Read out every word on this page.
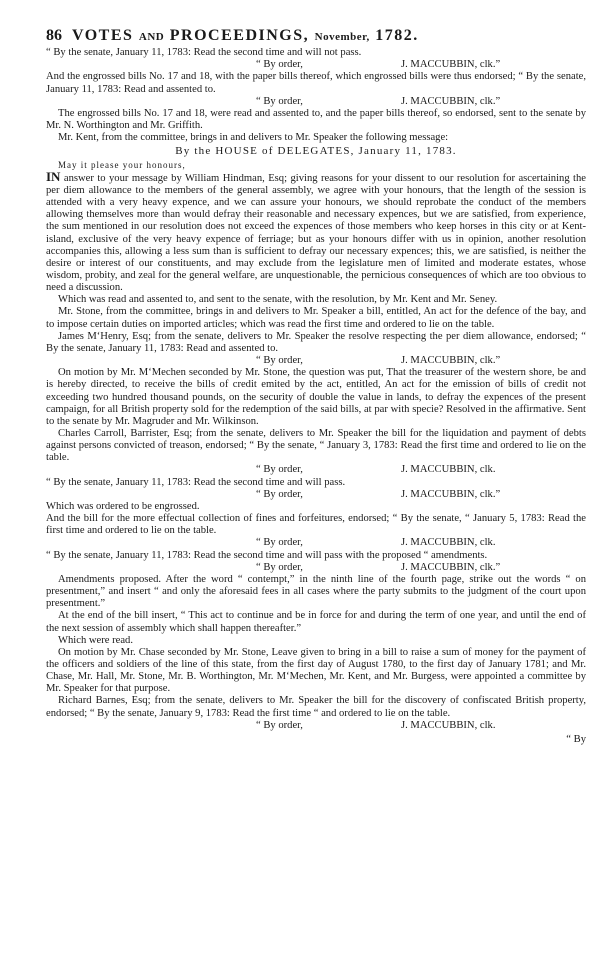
86 VOTES AND PROCEEDINGS, November, 1782.

“ By the senate, January 11, 1783: Read the second time and will not pass.

“ By order,	J. MACCUBBIN, clk.”

And the engrossed bills No. 17 and 18, with the paper bills thereof, which engrossed bills were thus endorsed; “ By the senate, January 11, 1783: Read and assented to.

“ By order,	J. MACCUBBIN, clk.”

The engrossed bills No. 17 and 18, were read and assented to, and the paper bills thereof, so endorsed, sent to the senate by Mr. N. Worthington and Mr. Griffith.

Mr. Kent, from the committee, brings in and delivers to Mr. Speaker the following message:

By the HOUSE of DELEGATES, January 11, 1783.
May it please your honours,

IN answer to your message by William Hindman, Esq; giving reasons for your dissent to our resolution for ascertaining the per diem allowance to the members of the general assembly, we agree with your honours, that the length of the session is attended with a very heavy expence, and we can assure your honours, we should reprobate the conduct of the members allowing themselves more than would defray their reasonable and necessary expences, but we are satisfied, from experience, the sum mentioned in our resolution does not exceed the expences of those members who keep horses in this city or at Kent-island, exclusive of the very heavy expence of ferriage; but as your honours differ with us in opinion, another resolution accompanies this, allowing a less sum than is sufficient to defray our necessary expences; this, we are satisfied, is neither the desire or interest of our constituents, and may exclude from the legislature men of limited and moderate estates, whose wisdom, probity, and zeal for the general welfare, are unquestionable, the pernicious consequences of which are too obvious to need a discussion.

Which was read and assented to, and sent to the senate, with the resolution, by Mr. Kent and Mr. Seney.

Mr. Stone, from the committee, brings in and delivers to Mr. Speaker a bill, entitled, An act for the defence of the bay, and to impose certain duties on imported articles; which was read the first time and ordered to lie on the table.

James M‘Henry, Esq; from the senate, delivers to Mr. Speaker the resolve respecting the per diem allowance, endorsed; “ By the senate, January 11, 1783: Read and assented to.

“ By order,	J. MACCUBBIN, clk.”

On motion by Mr. M‘Mechen seconded by Mr. Stone, the question was put, That the treasurer of the western shore, be and is hereby directed, to receive the bills of credit emited by the act, entitled, An act for the emission of bills of credit not exceeding two hundred thousand pounds, on the security of double the value in lands, to defray the expences of the present campaign, for all British property sold for the redemption of the said bills, at par with specie? Resolved in the affirmative. Sent to the senate by Mr. Magruder and Mr. Wilkinson.

Charles Carroll, Barrister, Esq; from the senate, delivers to Mr. Speaker the bill for the liquidation and payment of debts against persons convicted of treason, endorsed; “ By the senate, “ January 3, 1783: Read the first time and ordered to lie on the table.

“ By order,	J. MACCUBBIN, clk.

“ By the senate, January 11, 1783: Read the second time and will pass.

“ By order,	J. MACCUBBIN, clk.”

Which was ordered to be engrossed.

And the bill for the more effectual collection of fines and forfeitures, endorsed; “ By the senate, “ January 5, 1783: Read the first time and ordered to lie on the table.

“ By order,	J. MACCUBBIN, clk.

“ By the senate, January 11, 1783: Read the second time and will pass with the proposed “ amendments.

“ By order,	J. MACCUBBIN, clk.”

Amendments proposed. After the word “ contempt,” in the ninth line of the fourth page, strike out the words “ on presentment,” and insert “ and only the aforesaid fees in all cases where the party submits to the judgment of the court upon presentment.”

At the end of the bill insert, “ This act to continue and be in force for and during the term of one year, and until the end of the next session of assembly which shall happen thereafter.”

Which were read.

On motion by Mr. Chase seconded by Mr. Stone, Leave given to bring in a bill to raise a sum of money for the payment of the officers and soldiers of the line of this state, from the first day of August 1780, to the first day of January 1781; and Mr. Chase, Mr. Hall, Mr. Stone, Mr. B. Worthington, Mr. M‘Mechen, Mr. Kent, and Mr. Burgess, were appointed a committee by Mr. Speaker for that purpose.

Richard Barnes, Esq; from the senate, delivers to Mr. Speaker the bill for the discovery of confiscated British property, endorsed; “ By the senate, January 9, 1783: Read the first time “ and ordered to lie on the table.

“ By order,	J. MACCUBBIN, clk.
“ By
